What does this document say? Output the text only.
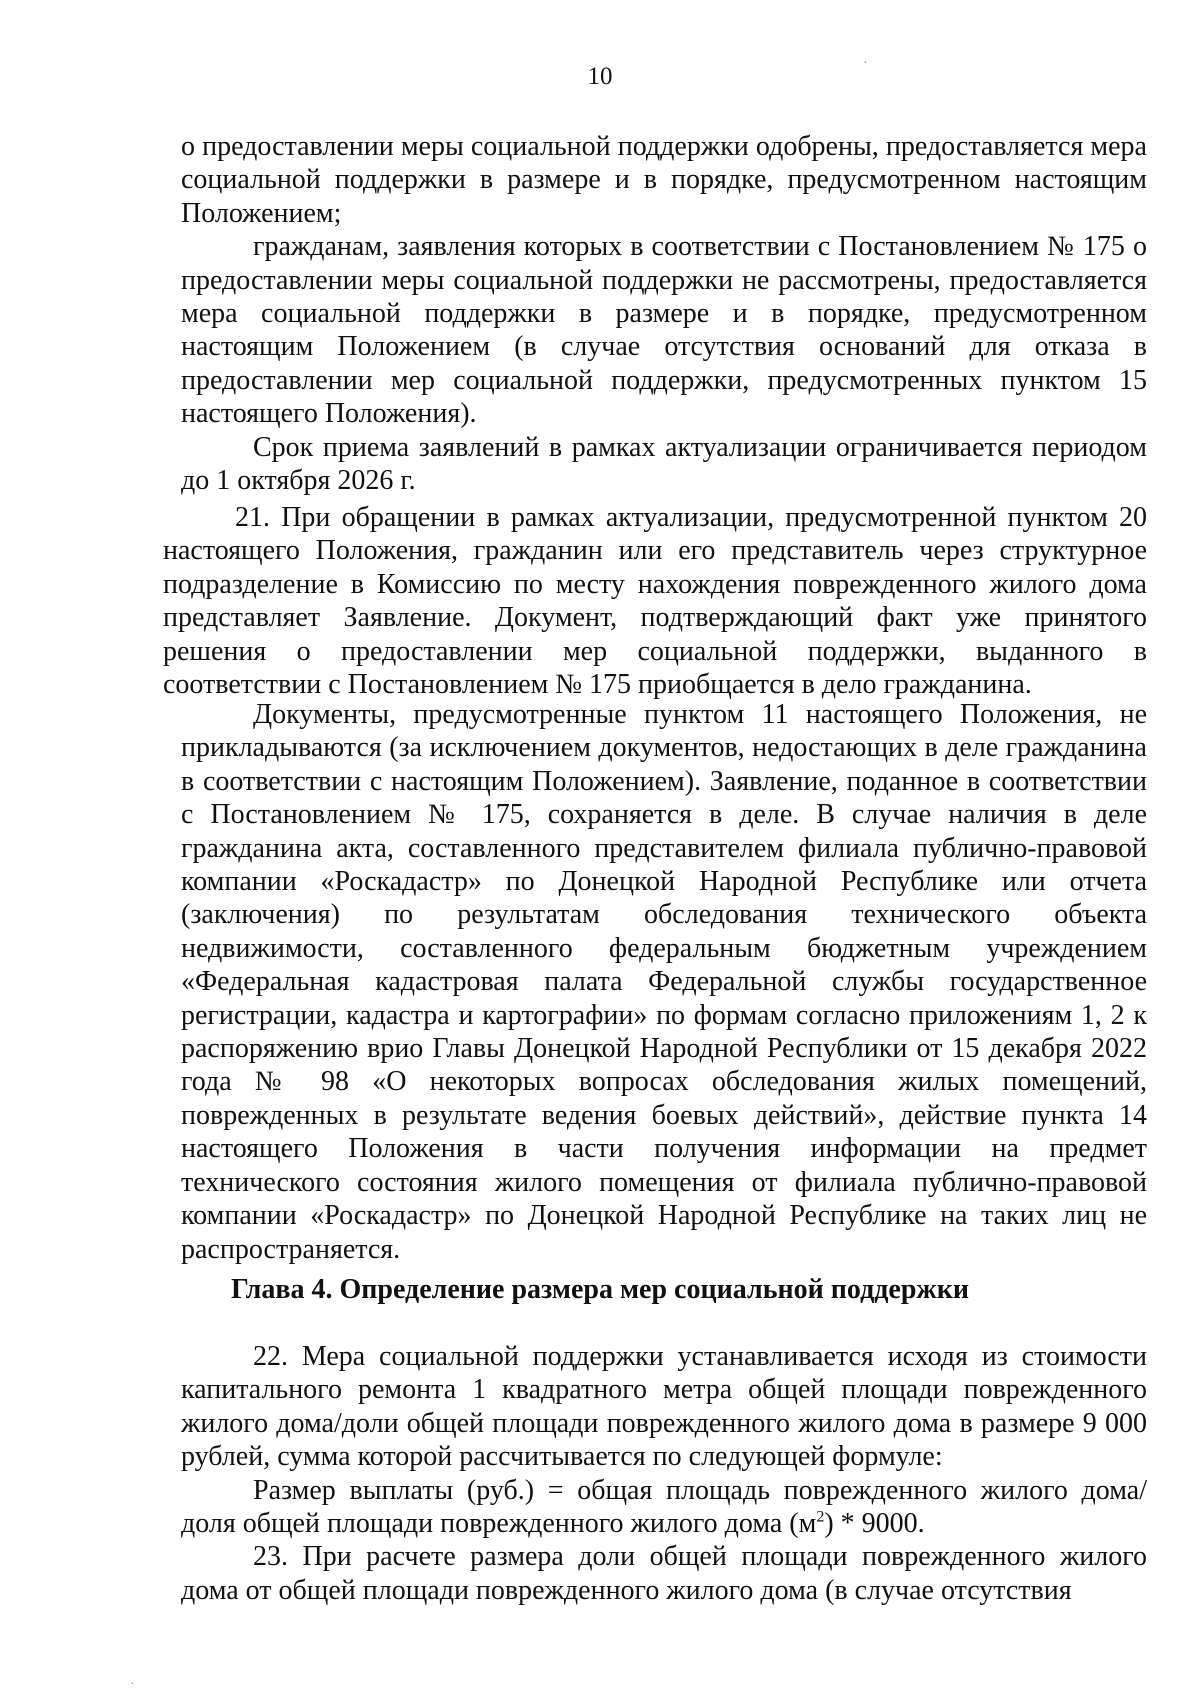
10

о предоставлении меры социальной поддержки одобрены, предоставляется мера социальной поддержки в размере и в порядке, предусмотренном настоящим Положением;

гражданам, заявления которых в соответствии с Постановлением № 175 о предоставлении меры социальной поддержки не рассмотрены, предоставляется мера социальной поддержки в размере и в порядке, предусмотренном настоящим Положением (в случае отсутствия оснований для отказа в предоставлении мер социальной поддержки, предусмотренных пунктом 15 настоящего Положения).

Срок приема заявлений в рамках актуализации ограничивается периодом до 1 октября 2026 г.

21. При обращении в рамках актуализации, предусмотренной пунктом 20 настоящего Положения, гражданин или его представитель через структурное подразделение в Комиссию по месту нахождения поврежденного жилого дома представляет Заявление. Документ, подтверждающий факт уже принятого решения о предоставлении мер социальной поддержки, выданного в соответствии с Постановлением № 175 приобщается в дело гражданина.

Документы, предусмотренные пунктом 11 настоящего Положения, не прикладываются (за исключением документов, недостающих в деле гражданина в соответствии с настоящим Положением). Заявление, поданное в соответствии с Постановлением № 175, сохраняется в деле. В случае наличия в деле гражданина акта, составленного представителем филиала публично-правовой компании «Роскадастр» по Донецкой Народной Республике или отчета (заключения) по результатам обследования технического объекта недвижимости, составленного федеральным бюджетным учреждением «Федеральная кадастровая палата Федеральной службы государственное регистрации, кадастра и картографии» по формам согласно приложениям 1, 2 к распоряжению врио Главы Донецкой Народной Республики от 15 декабря 2022 года № 98 «О некоторых вопросах обследования жилых помещений, поврежденных в результате ведения боевых действий», действие пункта 14 настоящего Положения в части получения информации на предмет технического состояния жилого помещения от филиала публично-правовой компании «Роскадастр» по Донецкой Народной Республике на таких лиц не распространяется.

Глава 4. Определение размера мер социальной поддержки

22. Мера социальной поддержки устанавливается исходя из стоимости капитального ремонта 1 квадратного метра общей площади поврежденного жилого дома/доли общей площади поврежденного жилого дома в размере 9 000 рублей, сумма которой рассчитывается по следующей формуле:

Размер выплаты (руб.) = общая площадь поврежденного жилого дома/доля общей площади поврежденного жилого дома $(м^2) * 9000$.

23. При расчете размера доли общей площади поврежденного жилого дома от общей площади поврежденного жилого дома (в случае отсутствия

·
·
